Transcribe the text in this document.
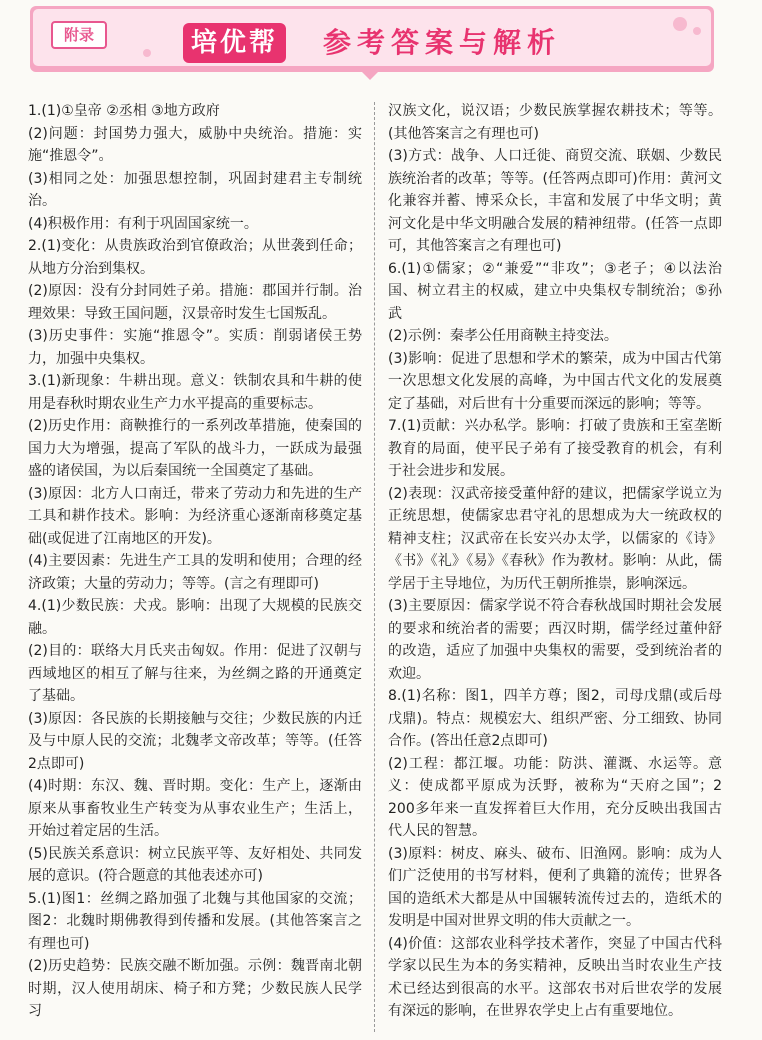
附录	培优帮 参考答案与解析

1.(1)①皇帝 ②丞相 ③地方政府

(2)问题：封国势力强大，威胁中央统治。措施：实施“推恩令”。

(3)相同之处：加强思想控制，巩固封建君主专制统治。

(4)积极作用：有利于巩固国家统一。

2.(1)变化：从贵族政治到官僚政治；从世袭到任命；从地方分治到集权。

(2)原因：没有分封同姓子弟。措施：郡国并行制。治理效果：导致王国问题，汉景帝时发生七国叛乱。

(3)历史事件：实施“推恩令”。实质：削弱诸侯王势力，加强中央集权。

3.(1)新现象：牛耕出现。意义：铁制农具和牛耕的使用是春秋时期农业生产力水平提高的重要标志。

(2)历史作用：商鞅推行的一系列改革措施，使秦国的国力大为增强，提高了军队的战斗力，一跃成为最强盛的诸侯国，为以后秦国统一全国奠定了基础。

(3)原因：北方人口南迁，带来了劳动力和先进的生产工具和耕作技术。影响：为经济重心逐渐南移奠定基础(或促进了江南地区的开发)。

(4)主要因素：先进生产工具的发明和使用；合理的经济政策；大量的劳动力；等等。(言之有理即可)

4.(1)少数民族：犬戎。影响：出现了大规模的民族交融。

(2)目的：联络大月氏夹击匈奴。作用：促进了汉朝与西域地区的相互了解与往来，为丝绸之路的开通奠定了基础。

(3)原因：各民族的长期接触与交往；少数民族的内迁及与中原人民的交流；北魏孝文帝改革；等等。(任答2点即可)

(4)时期：东汉、魏、晋时期。变化：生产上，逐渐由原来从事畜牧业生产转变为从事农业生产；生活上，开始过着定居的生活。

(5)民族关系意识：树立民族平等、友好相处、共同发展的意识。(符合题意的其他表述亦可)

5.(1)图1：丝绸之路加强了北魏与其他国家的交流；图2：北魏时期佛教得到传播和发展。(其他答案言之有理也可)

(2)历史趋势：民族交融不断加强。示例：魏晋南北朝时期，汉人使用胡床、椅子和方凳；少数民族人民学习

汉族文化，说汉语；少数民族掌握农耕技术；等等。(其他答案言之有理也可)

(3)方式：战争、人口迁徙、商贸交流、联姻、少数民族统治者的改革；等等。(任答两点即可)作用：黄河文化兼容并蓄、博采众长，丰富和发展了中华文明；黄河文化是中华文明融合发展的精神纽带。(任答一点即可，其他答案言之有理也可)

6.(1)①儒家；②“兼爱”“非攻”；③老子；④以法治国、树立君主的权威，建立中央集权专制统治；⑤孙武

(2)示例：秦孝公任用商鞅主持变法。

(3)影响：促进了思想和学术的繁荣，成为中国古代第一次思想文化发展的高峰，为中国古代文化的发展奠定了基础，对后世有十分重要而深远的影响；等等。

7.(1)贡献：兴办私学。影响：打破了贵族和王室垄断教育的局面，使平民子弟有了接受教育的机会，有利于社会进步和发展。

(2)表现：汉武帝接受董仲舒的建议，把儒家学说立为正统思想，使儒家忠君守礼的思想成为大一统政权的精神支柱；汉武帝在长安兴办太学，以儒家的《诗》《书》《礼》《易》《春秋》作为教材。影响：从此，儒学居于主导地位，为历代王朝所推崇，影响深远。

(3)主要原因：儒家学说不符合春秋战国时期社会发展的要求和统治者的需要；西汉时期，儒学经过董仲舒的改造，适应了加强中央集权的需要，受到统治者的欢迎。

8.(1)名称：图1，四羊方尊；图2，司母戊鼎(或后母戊鼎)。特点：规模宏大、组织严密、分工细致、协同合作。(答出任意2点即可)

(2)工程：都江堰。功能：防洪、灌溉、水运等。意义：使成都平原成为沃野，被称为“天府之国”；2 200多年来一直发挥着巨大作用，充分反映出我国古代人民的智慧。

(3)原料：树皮、麻头、破布、旧渔网。影响：成为人们广泛使用的书写材料，便利了典籍的流传；世界各国的造纸术大都是从中国辗转流传过去的，造纸术的发明是中国对世界文明的伟大贡献之一。

(4)价值：这部农业科学技术著作，突显了中国古代科学家以民生为本的务实精神，反映出当时农业生产技术已经达到很高的水平。这部农书对后世农学的发展有深远的影响，在世界农学史上占有重要地位。
